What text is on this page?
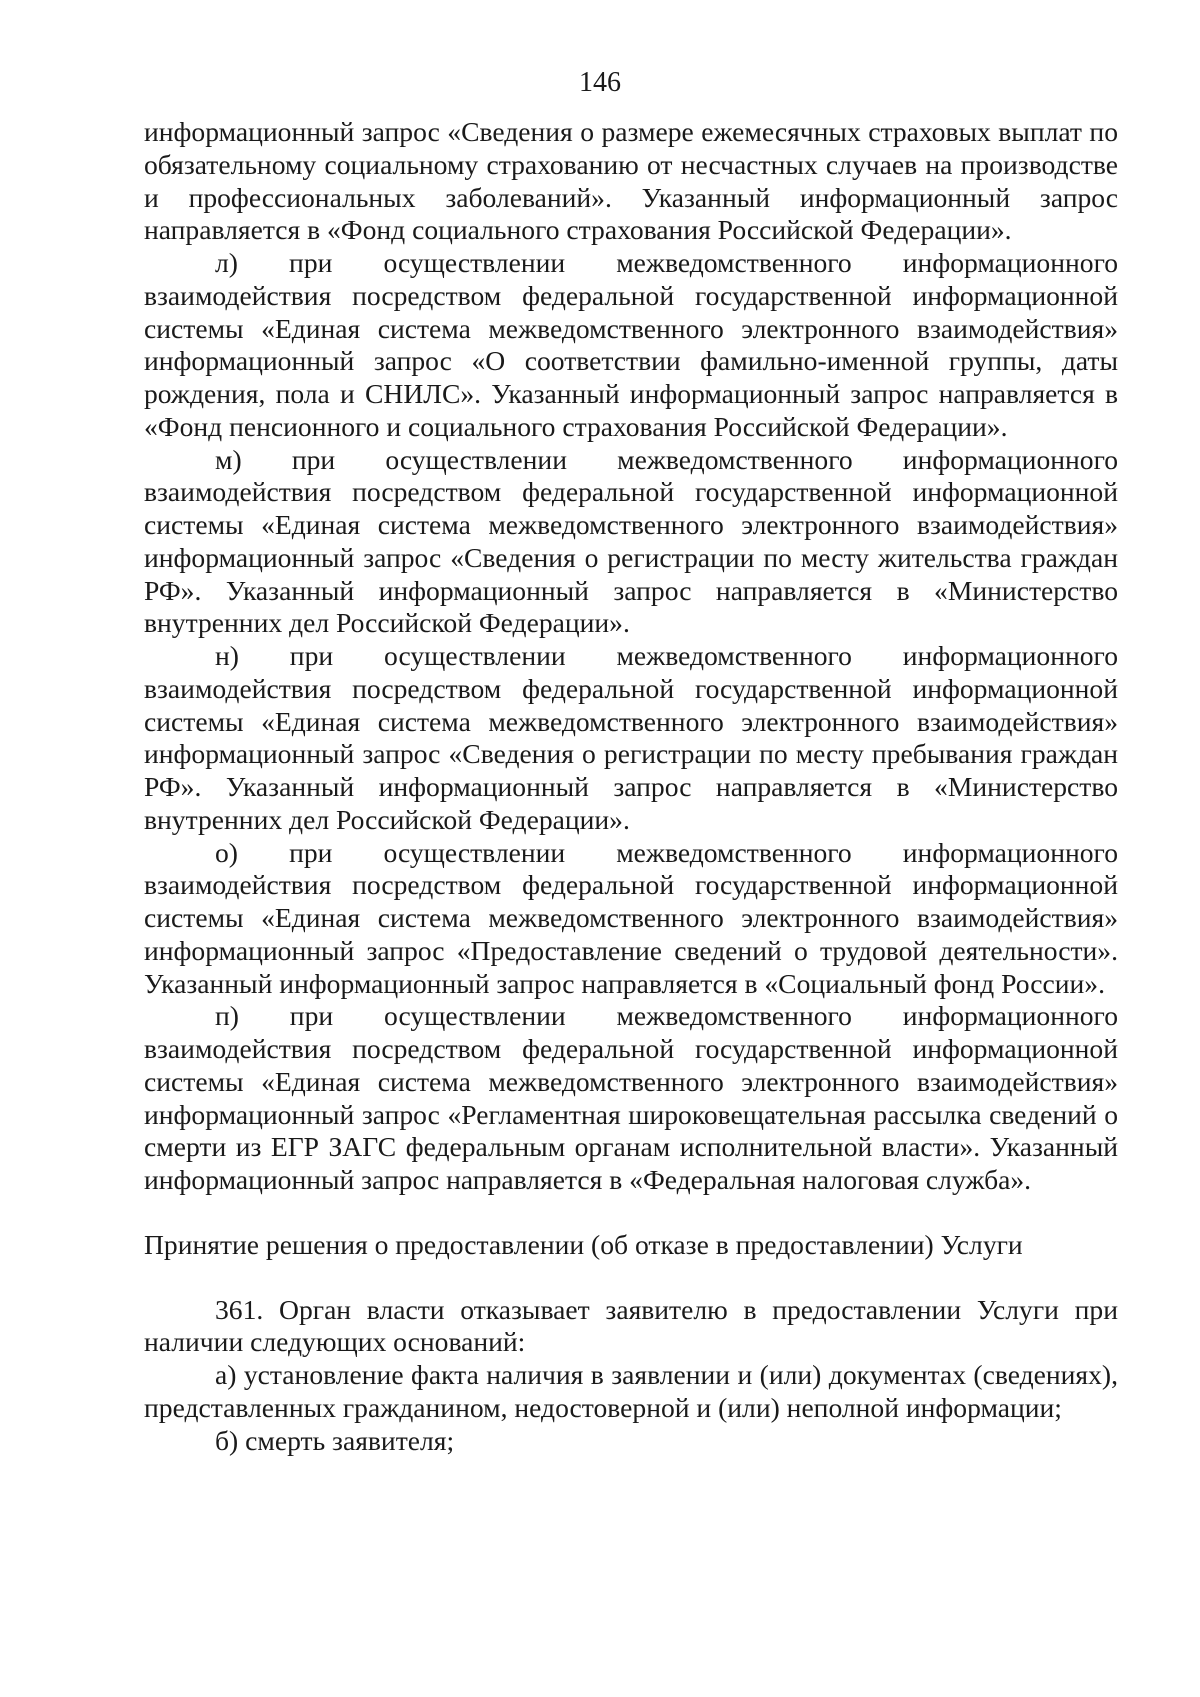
146

информационный запрос «Сведения о размере ежемесячных страховых выплат по обязательному социальному страхованию от несчастных случаев на производстве и профессиональных заболеваний». Указанный информационный запрос направляется в «Фонд социального страхования Российской Федерации».

л) при осуществлении межведомственного информационного взаимодействия посредством федеральной государственной информационной системы «Единая система межведомственного электронного взаимодействия» информационный запрос «О соответствии фамильно-именной группы, даты рождения, пола и СНИЛС». Указанный информационный запрос направляется в «Фонд пенсионного и социального страхования Российской Федерации».

м) при осуществлении межведомственного информационного взаимодействия посредством федеральной государственной информационной системы «Единая система межведомственного электронного взаимодействия» информационный запрос «Сведения о регистрации по месту жительства граждан РФ». Указанный информационный запрос направляется в «Министерство внутренних дел Российской Федерации».

н) при осуществлении межведомственного информационного взаимодействия посредством федеральной государственной информационной системы «Единая система межведомственного электронного взаимодействия» информационный запрос «Сведения о регистрации по месту пребывания граждан РФ». Указанный информационный запрос направляется в «Министерство внутренних дел Российской Федерации».

о) при осуществлении межведомственного информационного взаимодействия посредством федеральной государственной информационной системы «Единая система межведомственного электронного взаимодействия» информационный запрос «Предоставление сведений о трудовой деятельности». Указанный информационный запрос направляется в «Социальный фонд России».

п) при осуществлении межведомственного информационного взаимодействия посредством федеральной государственной информационной системы «Единая система межведомственного электронного взаимодействия» информационный запрос «Регламентная широковещательная рассылка сведений о смерти из ЕГР ЗАГС федеральным органам исполнительной власти». Указанный информационный запрос направляется в «Федеральная налоговая служба».

Принятие решения о предоставлении (об отказе в предоставлении) Услуги

361. Орган власти отказывает заявителю в предоставлении Услуги при наличии следующих оснований:

а) установление факта наличия в заявлении и (или) документах (сведениях), представленных гражданином, недостоверной и (или) неполной информации;

б) смерть заявителя;
